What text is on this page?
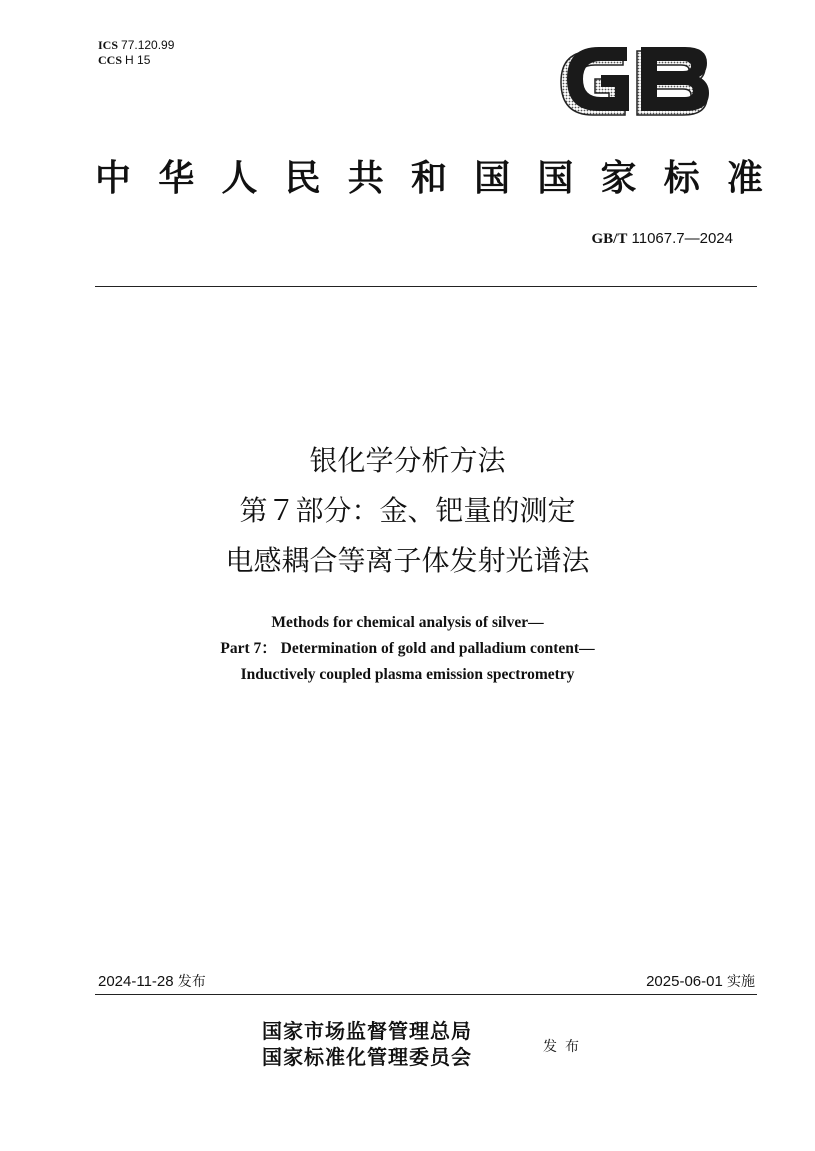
ICS 77.120.99
CCS H 15
中 华 人 民 共 和 国 国 家 标 准
GB/T 11067.7—2024
银化学分析方法
第７部分：金、钯量的测定
电感耦合等离子体发射光谱法
Methods for chemical analysis of silver—
Part 7： Determination of gold and palladium content—
Inductively coupled plasma emission spectrometry
2024-11-28 发布	2025-06-01 实施
国家市场监督管理总局
国家标准化管理委员会	发布
